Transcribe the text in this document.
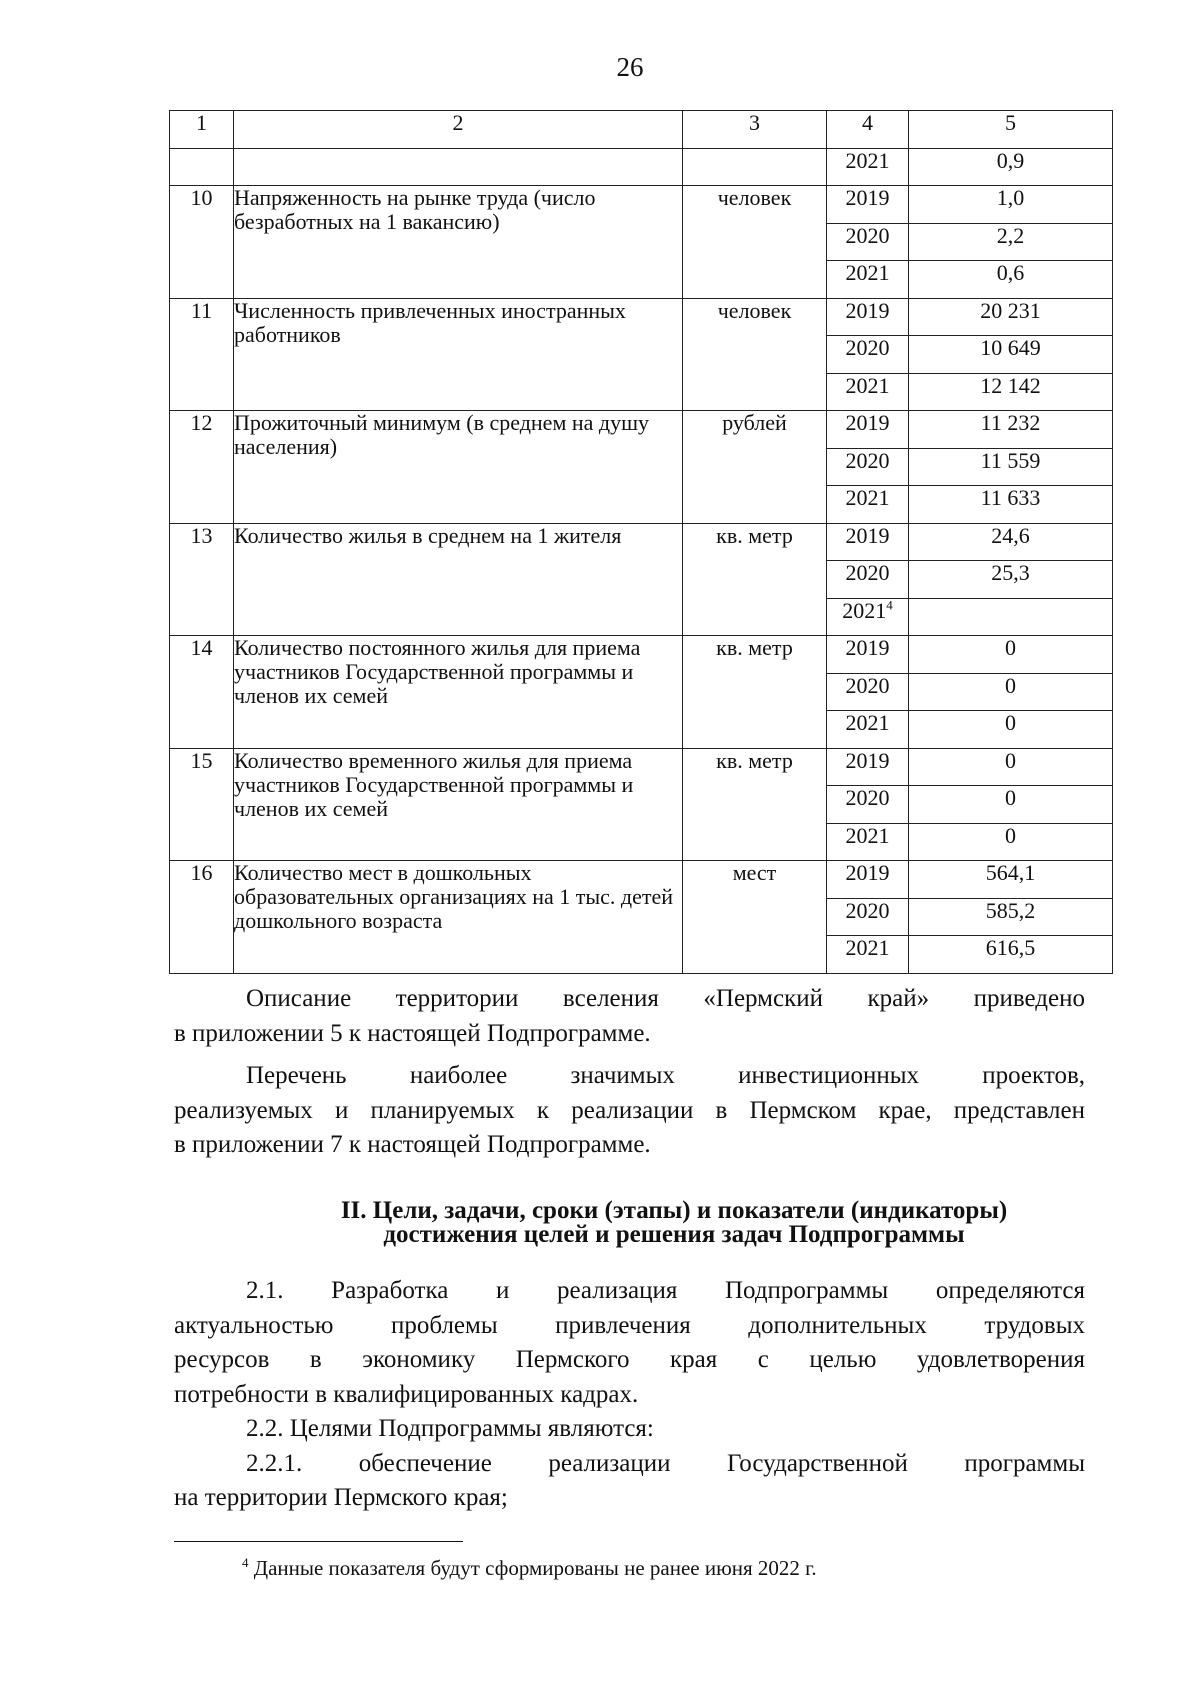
26
1	2	3	4	5
			2021	0,9
10	Напряженность на рынке труда (число безработных на 1 вакансию)	человек	2019	1,0
			2020	2,2
			2021	0,6
11	Численность привлеченных иностранных работников	человек	2019	20 231
			2020	10 649
			2021	12 142
12	Прожиточный минимум (в среднем на душу населения)	рублей	2019	11 232
			2020	11 559
			2021	11 633
13	Количество жилья в среднем на 1 жителя	кв. метр	2019	24,6
			2020	25,3
			2021$^4$	
14	Количество постоянного жилья для приема участников Государственной программы и членов их семей	кв. метр	2019	0
			2020	0
			2021	0
15	Количество временного жилья для приема участников Государственной программы и членов их семей	кв. метр	2019	0
			2020	0
			2021	0
16	Количество мест в дошкольных образовательных организациях на 1 тыс. детей дошкольного возраста	мест	2019	564,1
			2020	585,2
			2021	616,5
Описание территории вселения «Пермский край» приведено
в приложении 5 к настоящей Подпрограмме.
Перечень наиболее значимых инвестиционных проектов,
реализуемых и планируемых к реализации в Пермском крае, представлен
в приложении 7 к настоящей Подпрограмме.
II. Цели, задачи, сроки (этапы) и показатели (индикаторы)
достижения целей и решения задач Подпрограммы
2.1. Разработка и реализация Подпрограммы определяются
актуальностью проблемы привлечения дополнительных трудовых
ресурсов в экономику Пермского края с целью удовлетворения
потребности в квалифицированных кадрах.
2.2. Целями Подпрограммы являются:
2.2.1. обеспечение реализации Государственной программы
на территории Пермского края;
$^4$ Данные показателя будут сформированы не ранее июня 2022 г.
